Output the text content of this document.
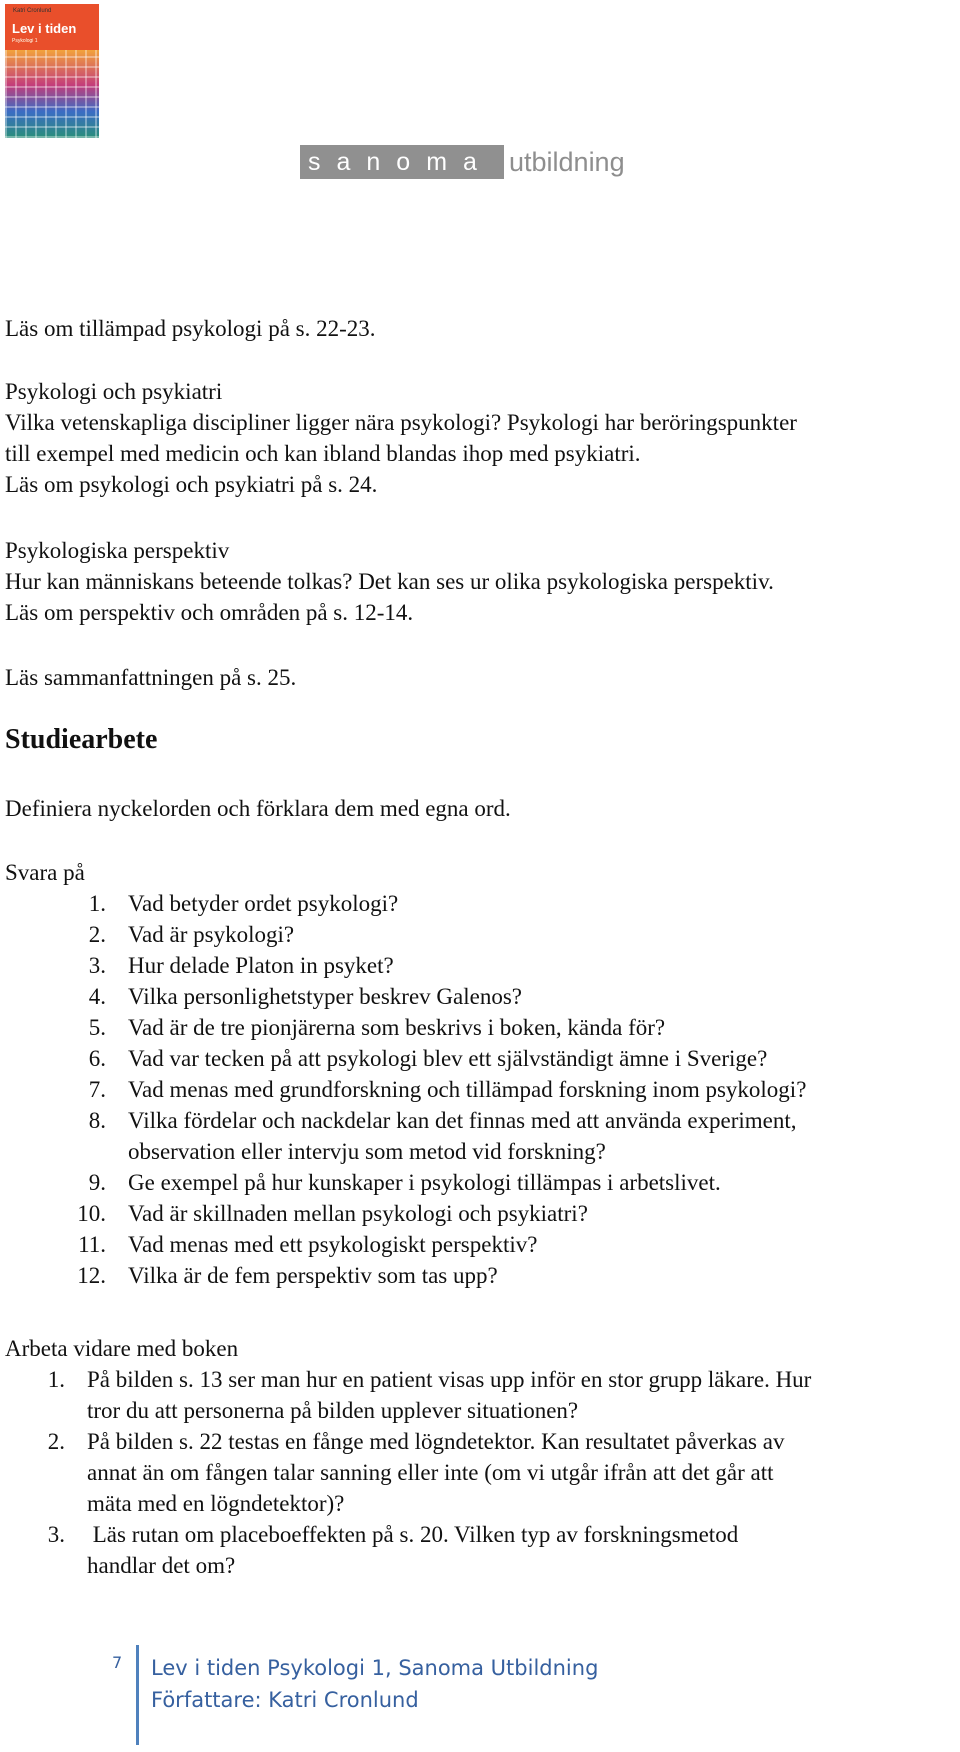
Katri Cronlund
Lev i tiden
Psykologi 1
sanoma utbildning
Läs om tillämpad psykologi på s. 22-23.
Psykologi och psykiatri
Vilka vetenskapliga discipliner ligger nära psykologi? Psykologi har beröringspunkter
till exempel med medicin och kan ibland blandas ihop med psykiatri.
Läs om psykologi och psykiatri på s. 24.
Psykologiska perspektiv
Hur kan människans beteende tolkas? Det kan ses ur olika psykologiska perspektiv.
Läs om perspektiv och områden på s. 12-14.
Läs sammanfattningen på s. 25.
Studiearbete
Definiera nyckelorden och förklara dem med egna ord.
Svara på
1. Vad betyder ordet psykologi?
2. Vad är psykologi?
3. Hur delade Platon in psyket?
4. Vilka personlighetstyper beskrev Galenos?
5. Vad är de tre pionjärerna som beskrivs i boken, kända för?
6. Vad var tecken på att psykologi blev ett självständigt ämne i Sverige?
7. Vad menas med grundforskning och tillämpad forskning inom psykologi?
8. Vilka fördelar och nackdelar kan det finnas med att använda experiment,
observation eller intervju som metod vid forskning?
9. Ge exempel på hur kunskaper i psykologi tillämpas i arbetslivet.
10. Vad är skillnaden mellan psykologi och psykiatri?
11. Vad menas med ett psykologiskt perspektiv?
12. Vilka är de fem perspektiv som tas upp?
Arbeta vidare med boken
1. På bilden s. 13 ser man hur en patient visas upp inför en stor grupp läkare. Hur
tror du att personerna på bilden upplever situationen?
2. På bilden s. 22 testas en fånge med lögndetektor. Kan resultatet påverkas av
annat än om fången talar sanning eller inte (om vi utgår ifrån att det går att
mäta med en lögndetektor)?
3. Läs rutan om placeboeffekten på s. 20. Vilken typ av forskningsmetod
handlar det om?
7 Lev i tiden Psykologi 1, Sanoma Utbildning
Författare: Katri Cronlund
